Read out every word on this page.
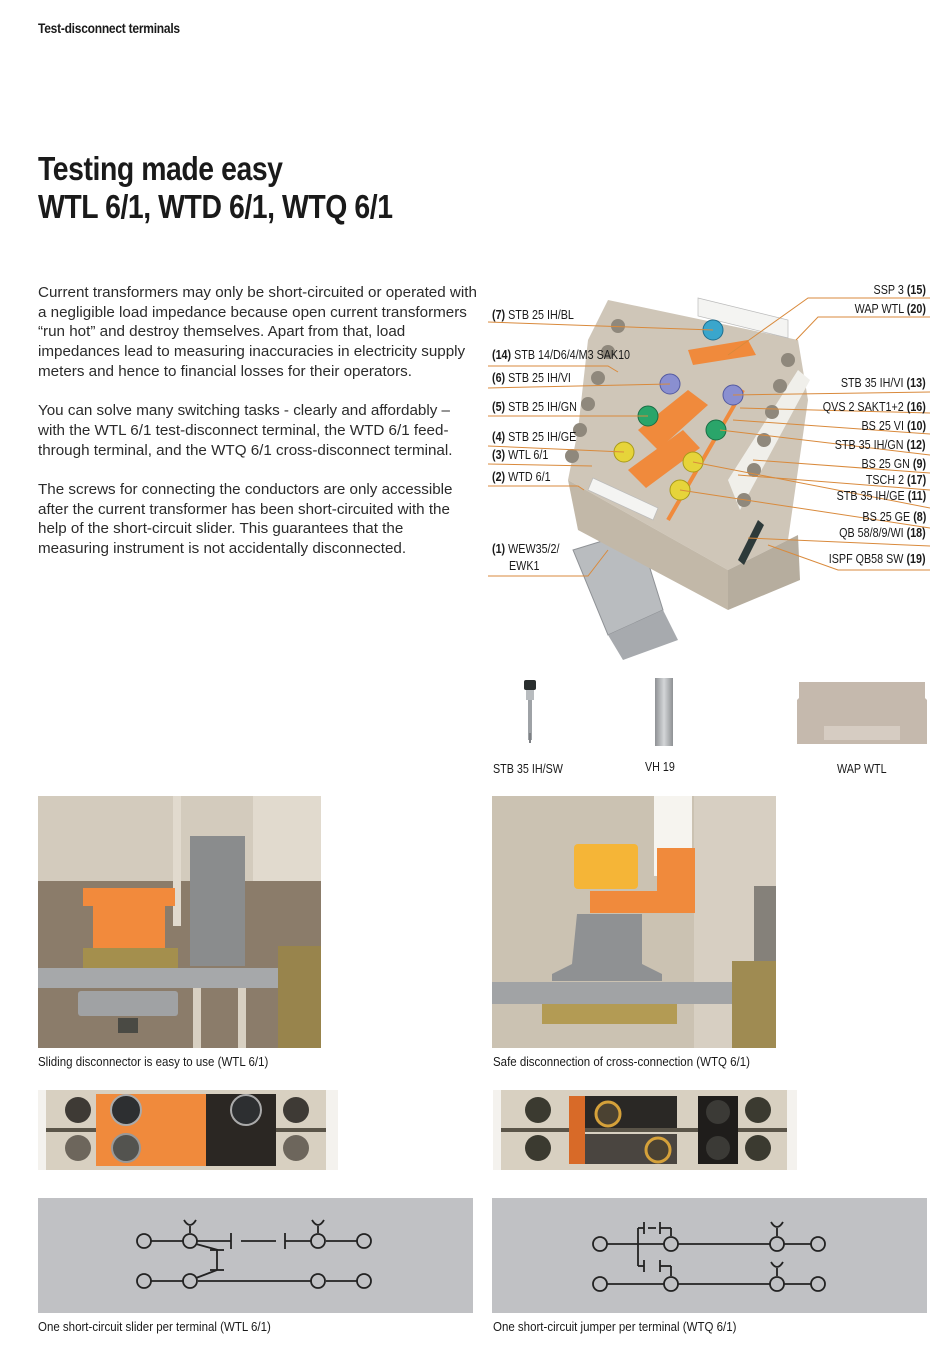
Test-disconnect terminals
Testing made easy
WTL 6/1, WTD 6/1, WTQ 6/1

Current transformers may only be short-circuited or operated with a negligible load impedance because open current transformers “run hot” and destroy themselves. Apart from that, load impedances lead to measuring inaccuracies in electricity supply meters and hence to financial losses for their operators.

You can solve many switching tasks - clearly and affordably – with the WTL 6/1 test-disconnect terminal, the WTD 6/1 feed-through terminal, and the WTQ 6/1 cross-disconnect terminal.

The screws for connecting the conductors are only accessible after the current transformer has been short-circuited with the help of the short-circuit slider. This guarantees that the measuring instrument is not accidentally disconnected.

(7) STB 25 IH/BL
(14) STB 14/D6/4/M3 SAK10
(6) STB 25 IH/VI
(5) STB 25 IH/GN
(4) STB 25 IH/GE
(3) WTL 6/1
(2) WTD 6/1
(1) WEW35/2/
EWK1
SSP 3 (15)
WAP WTL (20)
STB 35 IH/VI (13)
QVS 2 SAKT1+2 (16)
BS 25 VI (10)
STB 35 IH/GN (12)
BS 25 GN (9)
TSCH 2 (17)
STB 35 IH/GE (11)
BS 25 GE (8)
QB 58/8/9/WI (18)
ISPF QB58 SW (19)
STB 35 IH/SW	VH 19	WAP WTL
Sliding disconnector is easy to use (WTL 6/1)	Safe disconnection of cross-connection (WTQ 6/1)
One short-circuit slider per terminal (WTL 6/1)	One short-circuit jumper per terminal (WTQ 6/1)
